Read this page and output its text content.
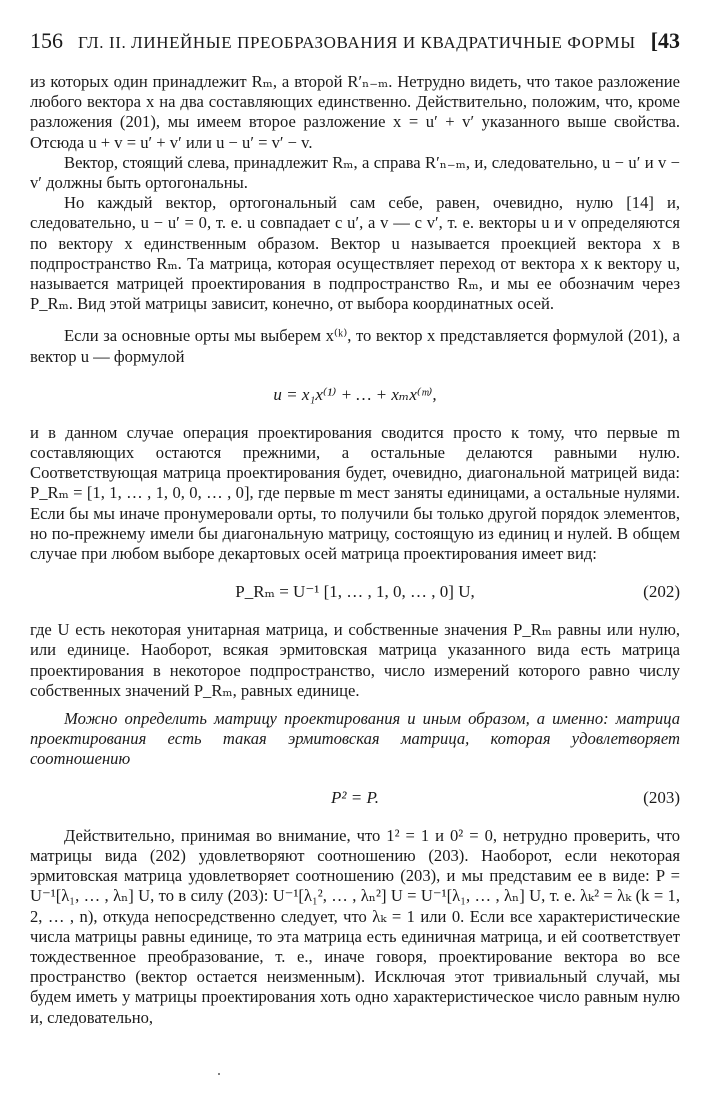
156 ГЛ. II. ЛИНЕЙНЫЕ ПРЕОБРАЗОВАНИЯ И КВАДРАТИЧНЫЕ ФОРМЫ [43

из которых один принадлежит Rₘ, а второй R′ₙ₋ₘ. Нетрудно видеть, что такое разложение любого вектора x на два составляющих единственно. Действительно, положим, что, кроме разложения (201), мы имеем второе разложение x = u′ + v′ указанного выше свойства. Отсюда u + v = u′ + v′ или u − u′ = v′ − v.

Вектор, стоящий слева, принадлежит Rₘ, а справа R′ₙ₋ₘ, и, следовательно, u − u′ и v − v′ должны быть ортогональны.

Но каждый вектор, ортогональный сам себе, равен, очевидно, нулю [14] и, следовательно, u − u′ = 0, т. е. u совпадает с u′, а v — с v′, т. е. векторы u и v определяются по вектору x единственным образом. Вектор u называется проекцией вектора x в подпространство Rₘ. Та матрица, которая осуществляет переход от вектора x к вектору u, называется матрицей проектирования в подпространство Rₘ, и мы ее обозначим через P_Rₘ. Вид этой матрицы зависит, конечно, от выбора координатных осей.

Если за основные орты мы выберем x⁽ᵏ⁾, то вектор x представляется формулой (201), а вектор u — формулой

u = x₁x⁽¹⁾ + … + xₘx⁽ᵐ⁾,

и в данном случае операция проектирования сводится просто к тому, что первые m составляющих остаются прежними, а остальные делаются равными нулю. Соответствующая матрица проектирования будет, очевидно, диагональной матрицей вида: P_Rₘ = [1, 1, … , 1, 0, 0, … , 0], где первые m мест заняты единицами, а остальные нулями. Если бы мы иначе пронумеровали орты, то получили бы только другой порядок элементов, но по-прежнему имели бы диагональную матрицу, состоящую из единиц и нулей. В общем случае при любом выборе декартовых осей матрица проектирования имеет вид:

P_Rₘ = U⁻¹ [1, … , 1, 0, … , 0] U,	(202)

где U есть некоторая унитарная матрица, и собственные значения P_Rₘ равны или нулю, или единице. Наоборот, всякая эрмитовская матрица указанного вида есть матрица проектирования в некоторое подпространство, число измерений которого равно числу собственных значений P_Rₘ, равных единице.

Можно определить матрицу проектирования и иным образом, а именно: матрица проектирования есть такая эрмитовская матрица, которая удовлетворяет соотношению

P² = P.	(203)

Действительно, принимая во внимание, что 1² = 1 и 0² = 0, нетрудно проверить, что матрицы вида (202) удовлетворяют соотношению (203). Наоборот, если некоторая эрмитовская матрица удовлетворяет соотношению (203), и мы представим ее в виде: P = U⁻¹[λ₁, … , λₙ] U, то в силу (203): U⁻¹[λ₁², … , λₙ²] U = U⁻¹[λ₁, … , λₙ] U, т. е. λₖ² = λₖ (k = 1, 2, … , n), откуда непосредственно следует, что λₖ = 1 или 0. Если все характеристические числа матрицы равны единице, то эта матрица есть единичная матрица, и ей соответствует тождественное преобразование, т. е., иначе говоря, проектирование вектора во все пространство (вектор остается неизменным). Исключая этот тривиальный случай, мы будем иметь у матрицы проектирования хоть одно характеристическое число равным нулю и, следовательно,
